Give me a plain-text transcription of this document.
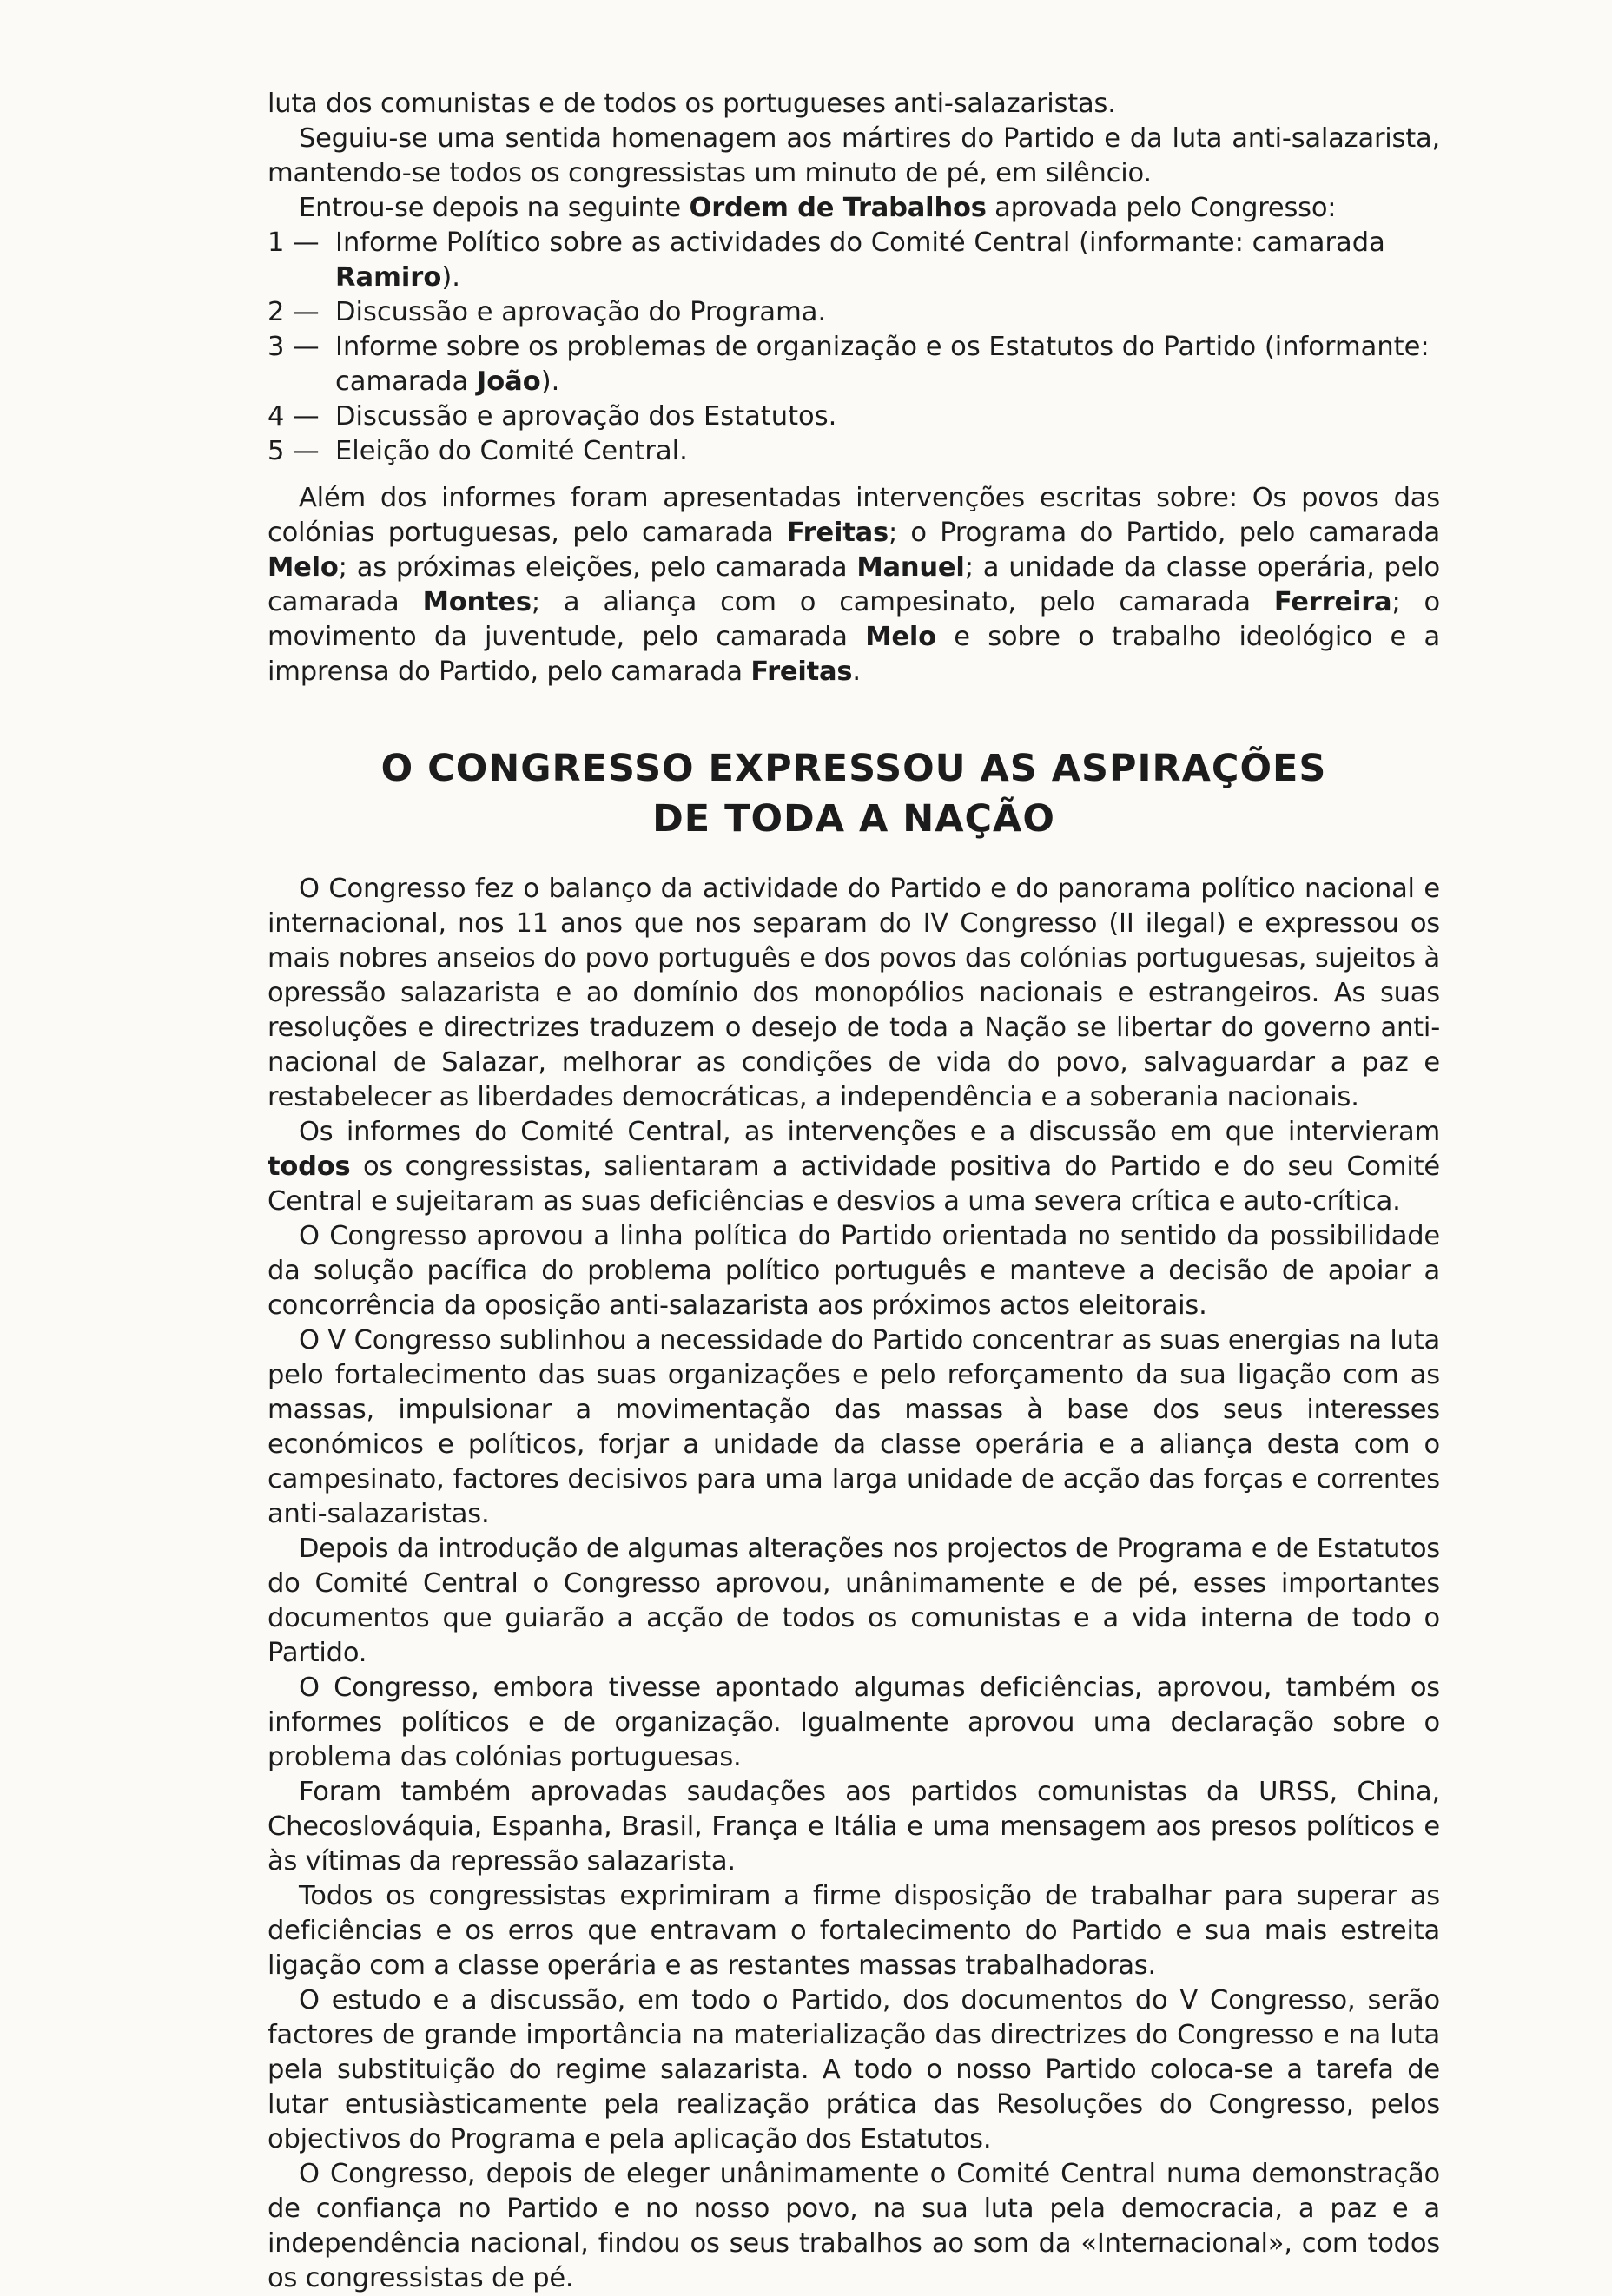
luta dos comunistas e de todos os portugueses anti-salazaristas.

Seguiu-se uma sentida homenagem aos mártires do Partido e da luta anti-salazarista, mantendo-se todos os congressistas um minuto de pé, em silêncio.

Entrou-se depois na seguinte Ordem de Trabalhos aprovada pelo Congresso:

1 — Informe Político sobre as actividades do Comité Central (informante: camarada Ramiro).
2 — Discussão e aprovação do Programa.
3 — Informe sobre os problemas de organização e os Estatutos do Partido (informante: camarada João).
4 — Discussão e aprovação dos Estatutos.
5 — Eleição do Comité Central.

Além dos informes foram apresentadas intervenções escritas sobre: Os povos das colónias portuguesas, pelo camarada Freitas; o Programa do Partido, pelo camarada Melo; as próximas eleições, pelo camarada Manuel; a unidade da classe operária, pelo camarada Montes; a aliança com o campesinato, pelo camarada Ferreira; o movimento da juventude, pelo camarada Melo e sobre o trabalho ideológico e a imprensa do Partido, pelo camarada Freitas.

O CONGRESSO EXPRESSOU AS ASPIRAÇÕES
DE TODA A NAÇÃO

O Congresso fez o balanço da actividade do Partido e do panorama político nacional e internacional, nos 11 anos que nos separam do IV Congresso (II ilegal) e expressou os mais nobres anseios do povo português e dos povos das colónias portuguesas, sujeitos à opressão salazarista e ao domínio dos monopólios nacionais e estrangeiros. As suas resoluções e directrizes traduzem o desejo de toda a Nação se libertar do governo anti-nacional de Salazar, melhorar as condições de vida do povo, salvaguardar a paz e restabelecer as liberdades democráticas, a independência e a soberania nacionais.

Os informes do Comité Central, as intervenções e a discussão em que intervieram todos os congressistas, salientaram a actividade positiva do Partido e do seu Comité Central e sujeitaram as suas deficiências e desvios a uma severa crítica e auto-crítica.

O Congresso aprovou a linha política do Partido orientada no sentido da possibilidade da solução pacífica do problema político português e manteve a decisão de apoiar a concorrência da oposição anti-salazarista aos próximos actos eleitorais.

O V Congresso sublinhou a necessidade do Partido concentrar as suas energias na luta pelo fortalecimento das suas organizações e pelo reforçamento da sua ligação com as massas, impulsionar a movimentação das massas à base dos seus interesses económicos e políticos, forjar a unidade da classe operária e a aliança desta com o campesinato, factores decisivos para uma larga unidade de acção das forças e correntes anti-salazaristas.

Depois da introdução de algumas alterações nos projectos de Programa e de Estatutos do Comité Central o Congresso aprovou, unânimamente e de pé, esses importantes documentos que guiarão a acção de todos os comunistas e a vida interna de todo o Partido.

O Congresso, embora tivesse apontado algumas deficiências, aprovou, também os informes políticos e de organização. Igualmente aprovou uma declaração sobre o problema das colónias portuguesas.

Foram também aprovadas saudações aos partidos comunistas da URSS, China, Checoslováquia, Espanha, Brasil, França e Itália e uma mensagem aos presos políticos e às vítimas da repressão salazarista.

Todos os congressistas exprimiram a firme disposição de trabalhar para superar as deficiências e os erros que entravam o fortalecimento do Partido e sua mais estreita ligação com a classe operária e as restantes massas trabalhadoras.

O estudo e a discussão, em todo o Partido, dos documentos do V Congresso, serão factores de grande importância na materialização das directrizes do Congresso e na luta pela substituição do regime salazarista. A todo o nosso Partido coloca-se a tarefa de lutar entusiàsticamente pela realização prática das Resoluções do Congresso, pelos objectivos do Programa e pela aplicação dos Estatutos.

O Congresso, depois de eleger unânimamente o Comité Central numa demonstração de confiança no Partido e no nosso povo, na sua luta pela democracia, a paz e a independência nacional, findou os seus trabalhos ao som da «Internacional», com todos os congressistas de pé.
